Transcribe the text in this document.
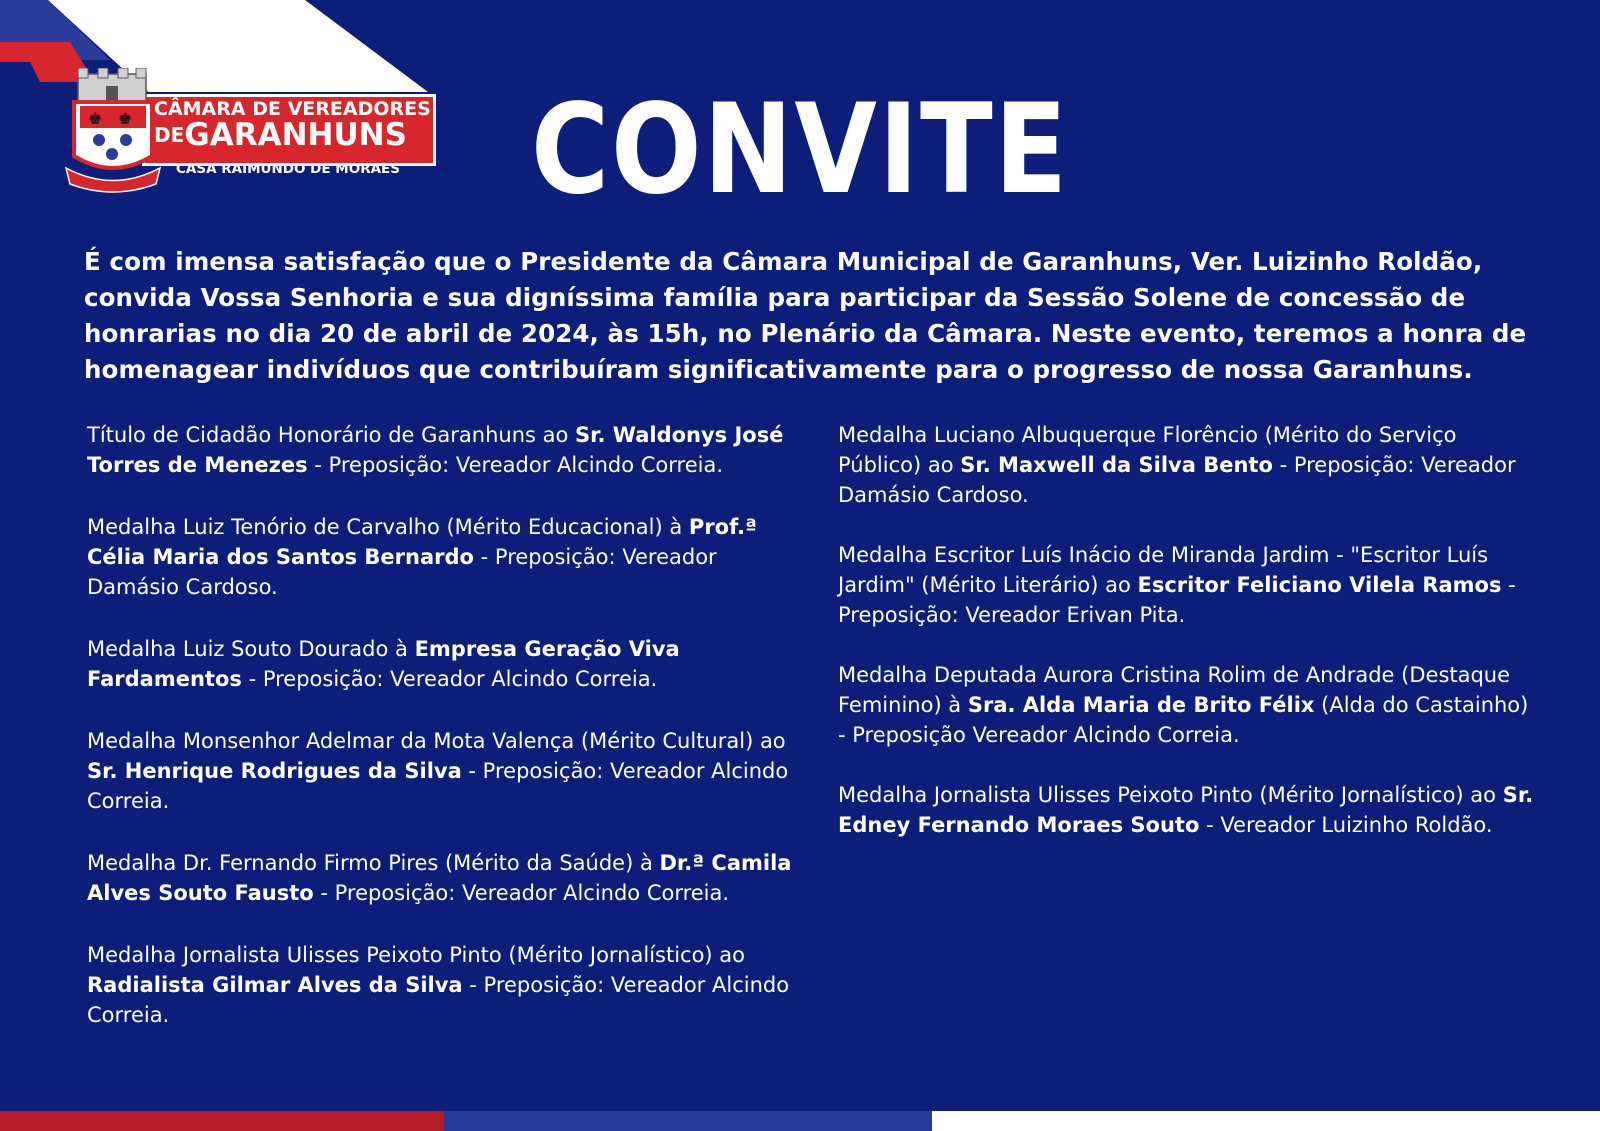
♚ ♚ CÂMARA DE VEREADORES
$^{DE}$GARANHUNS
CASA RAIMUNDO DE MORAES	CONVITE
É com imensa satisfação que o Presidente da Câmara Municipal de Garanhuns, Ver. Luizinho Roldão, convida Vossa Senhoria e sua digníssima família para participar da Sessão Solene de concessão de honrarias no dia 20 de abril de 2024, às 15h, no Plenário da Câmara. Neste evento, teremos a honra de homenagear indivíduos que contribuíram significativamente para o progresso de nossa Garanhuns.

Título de Cidadão Honorário de Garanhuns ao Sr. Waldonys José Torres de Menezes - Preposição: Vereador Alcindo Correia.

Medalha Luiz Tenório de Carvalho (Mérito Educacional) à Prof.ª Célia Maria dos Santos Bernardo - Preposição: Vereador Damásio Cardoso.

Medalha Luiz Souto Dourado à Empresa Geração Viva Fardamentos - Preposição: Vereador Alcindo Correia.

Medalha Monsenhor Adelmar da Mota Valença (Mérito Cultural) ao Sr. Henrique Rodrigues da Silva - Preposição: Vereador Alcindo Correia.

Medalha Dr. Fernando Firmo Pires (Mérito da Saúde) à Dr.ª Camila Alves Souto Fausto - Preposição: Vereador Alcindo Correia.

Medalha Jornalista Ulisses Peixoto Pinto (Mérito Jornalístico) ao Radialista Gilmar Alves da Silva - Preposição: Vereador Alcindo Correia.

Medalha Luciano Albuquerque Florêncio (Mérito do Serviço Público) ao Sr. Maxwell da Silva Bento - Preposição: Vereador Damásio Cardoso.

Medalha Escritor Luís Inácio de Miranda Jardim - "Escritor Luís Jardim" (Mérito Literário) ao Escritor Feliciano Vilela Ramos - Preposição: Vereador Erivan Pita.

Medalha Deputada Aurora Cristina Rolim de Andrade (Destaque Feminino) à Sra. Alda Maria de Brito Félix (Alda do Castainho) - Preposição Vereador Alcindo Correia.

Medalha Jornalista Ulisses Peixoto Pinto (Mérito Jornalístico) ao Sr. Edney Fernando Moraes Souto - Vereador Luizinho Roldão.
